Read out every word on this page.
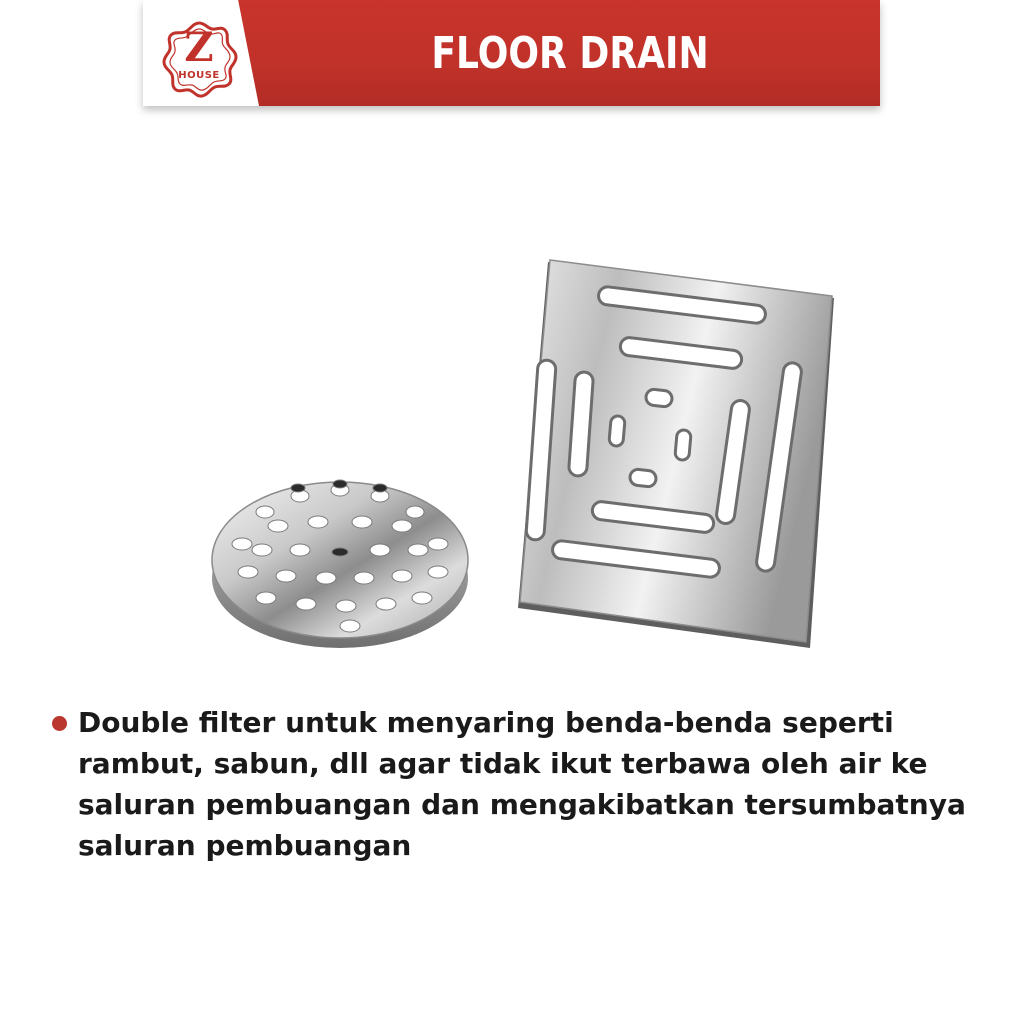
Z
HOUSE	FLOOR DRAIN
Double filter untuk menyaring benda-benda seperti rambut, sabun, dll agar tidak ikut terbawa oleh air ke saluran pembuangan dan mengakibatkan tersumbatnya saluran pembuangan
